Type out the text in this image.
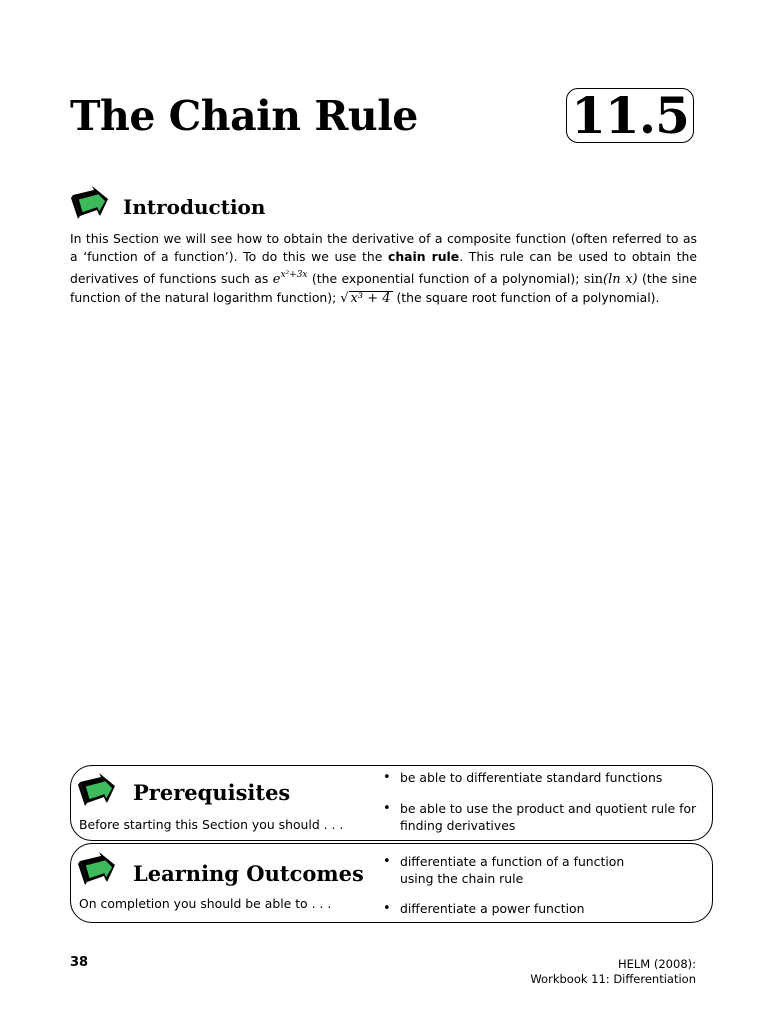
The Chain Rule	11.5
Introduction
In this Section we will see how to obtain the derivative of a composite function (often referred to as a ‘function of a function’). To do this we use the chain rule. This rule can be used to obtain the derivatives of functions such as $e^{x^2+3x}$ (the exponential function of a polynomial); sin(ln x) (the sine function of the natural logarithm function); √ x³ + 4 (the square root function of a polynomial).
Prerequisites
Before starting this Section you should . . .
• be able to differentiate standard functions
• be able to use the product and quotient rule for finding derivatives
Learning Outcomes
On completion you should be able to . . .
• differentiate a function of a function using the chain rule
• differentiate a power function
38	HELM (2008):
Workbook 11: Differentiation
